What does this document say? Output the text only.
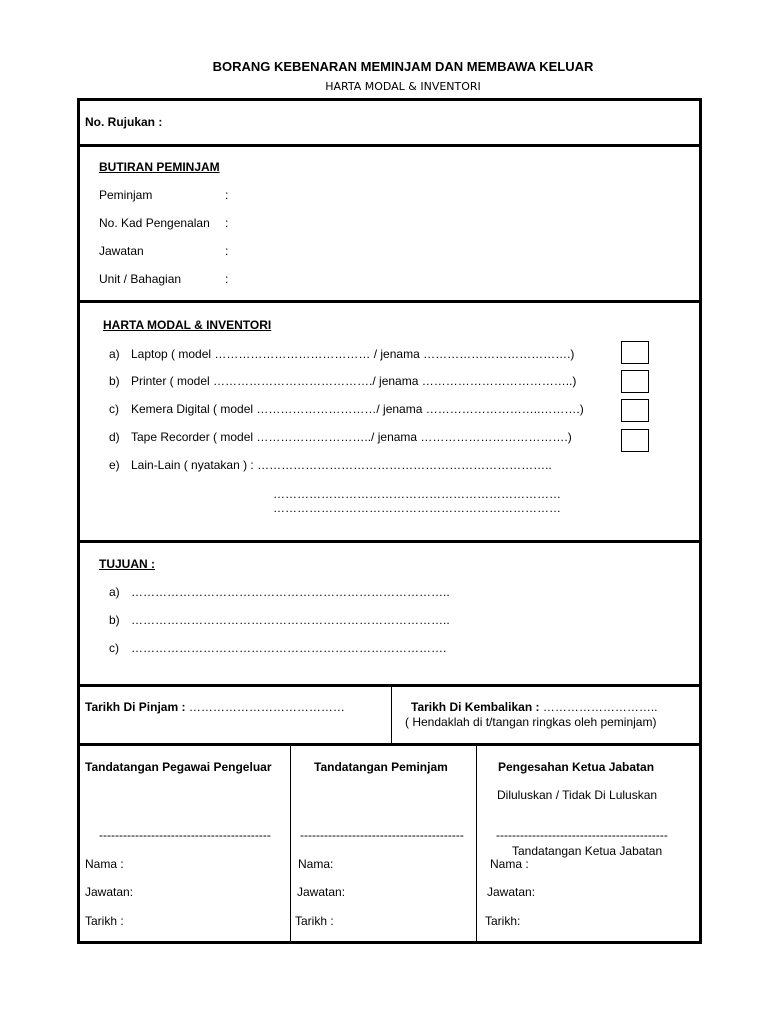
BORANG KEBENARAN MEMINJAM DAN MEMBAWA KELUAR
HARTA MODAL & INVENTORI
No. Rujukan :
BUTIRAN PEMINJAM
Peminjam	:
No. Kad Pengenalan :
Jawatan	:
Unit / Bahagian	:
HARTA MODAL & INVENTORI
a) Laptop ( model ………………………………… / jenama ……………………………….)
b) Printer ( model …………………………………./ jenama ………………………………..)
c) Kemera Digital ( model …………………………/ jenama ………………………..……….)
d) Tape Recorder ( model ………………………../ jenama ……………………………….)
e) Lain-Lain ( nyatakan ) : ………………………………………………………………..
………………………………………………………………
………………………………………………………………
TUJUAN :
a) ……………………………………………………………………..
b) ……………………………………………………………………..
c) …………………………………………………………………….
Tarikh Di Pinjam : …………………………………	Tarikh Di Kembalikan : ………………………..
( Hendaklah di t/tangan ringkas oleh peminjam)
Tandatangan Pegawai Pengeluar
-------------------------------------------
Nama :
Jawatan:
Tarikh :
Tandatangan Peminjam
-----------------------------------------
Nama:
Jawatan:
Tarikh :
Pengesahan Ketua Jabatan
Diluluskan / Tidak Di Luluskan
-------------------------------------------
Tandatangan Ketua Jabatan
Nama :
Jawatan:
Tarikh:
